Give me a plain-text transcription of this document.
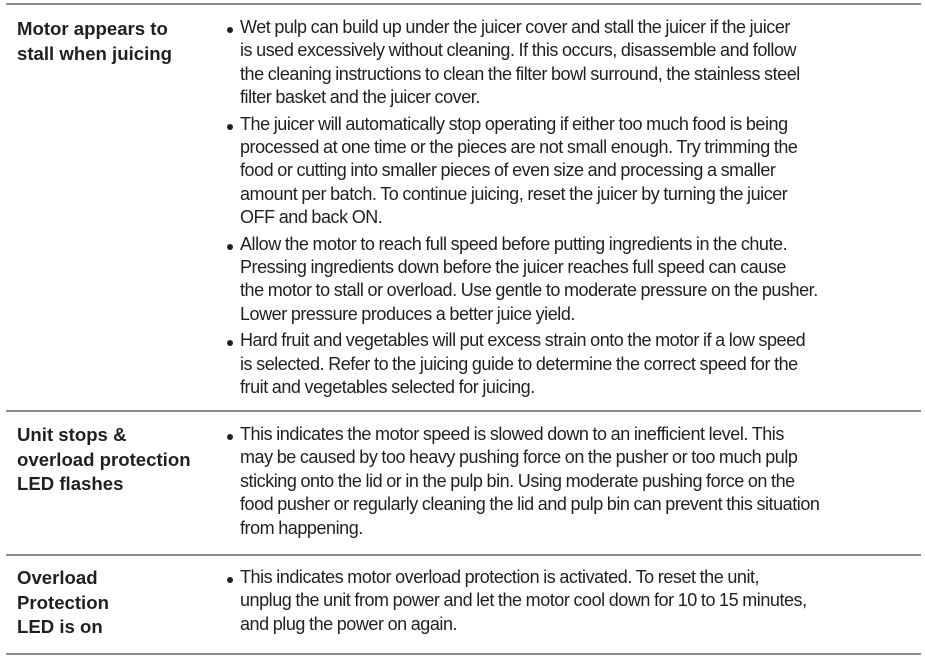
Motor appears to
stall when juicing
Wet pulp can build up under the juicer cover and stall the juicer if the juicer
is used excessively without cleaning. If this occurs, disassemble and follow
the cleaning instructions to clean the filter bowl surround, the stainless steel
filter basket and the juicer cover.
The juicer will automatically stop operating if either too much food is being
processed at one time or the pieces are not small enough. Try trimming the
food or cutting into smaller pieces of even size and processing a smaller
amount per batch. To continue juicing, reset the juicer by turning the juicer
OFF and back ON.
Allow the motor to reach full speed before putting ingredients in the chute.
Pressing ingredients down before the juicer reaches full speed can cause
the motor to stall or overload. Use gentle to moderate pressure on the pusher.
Lower pressure produces a better juice yield.
Hard fruit and vegetables will put excess strain onto the motor if a low speed
is selected. Refer to the juicing guide to determine the correct speed for the
fruit and vegetables selected for juicing.
Unit stops &
overload protection
LED flashes
This indicates the motor speed is slowed down to an inefficient level. This
may be caused by too heavy pushing force on the pusher or too much pulp
sticking onto the lid or in the pulp bin. Using moderate pushing force on the
food pusher or regularly cleaning the lid and pulp bin can prevent this situation
from happening.
Overload
Protection
LED is on
This indicates motor overload protection is activated. To reset the unit,
unplug the unit from power and let the motor cool down for 10 to 15 minutes,
and plug the power on again.
